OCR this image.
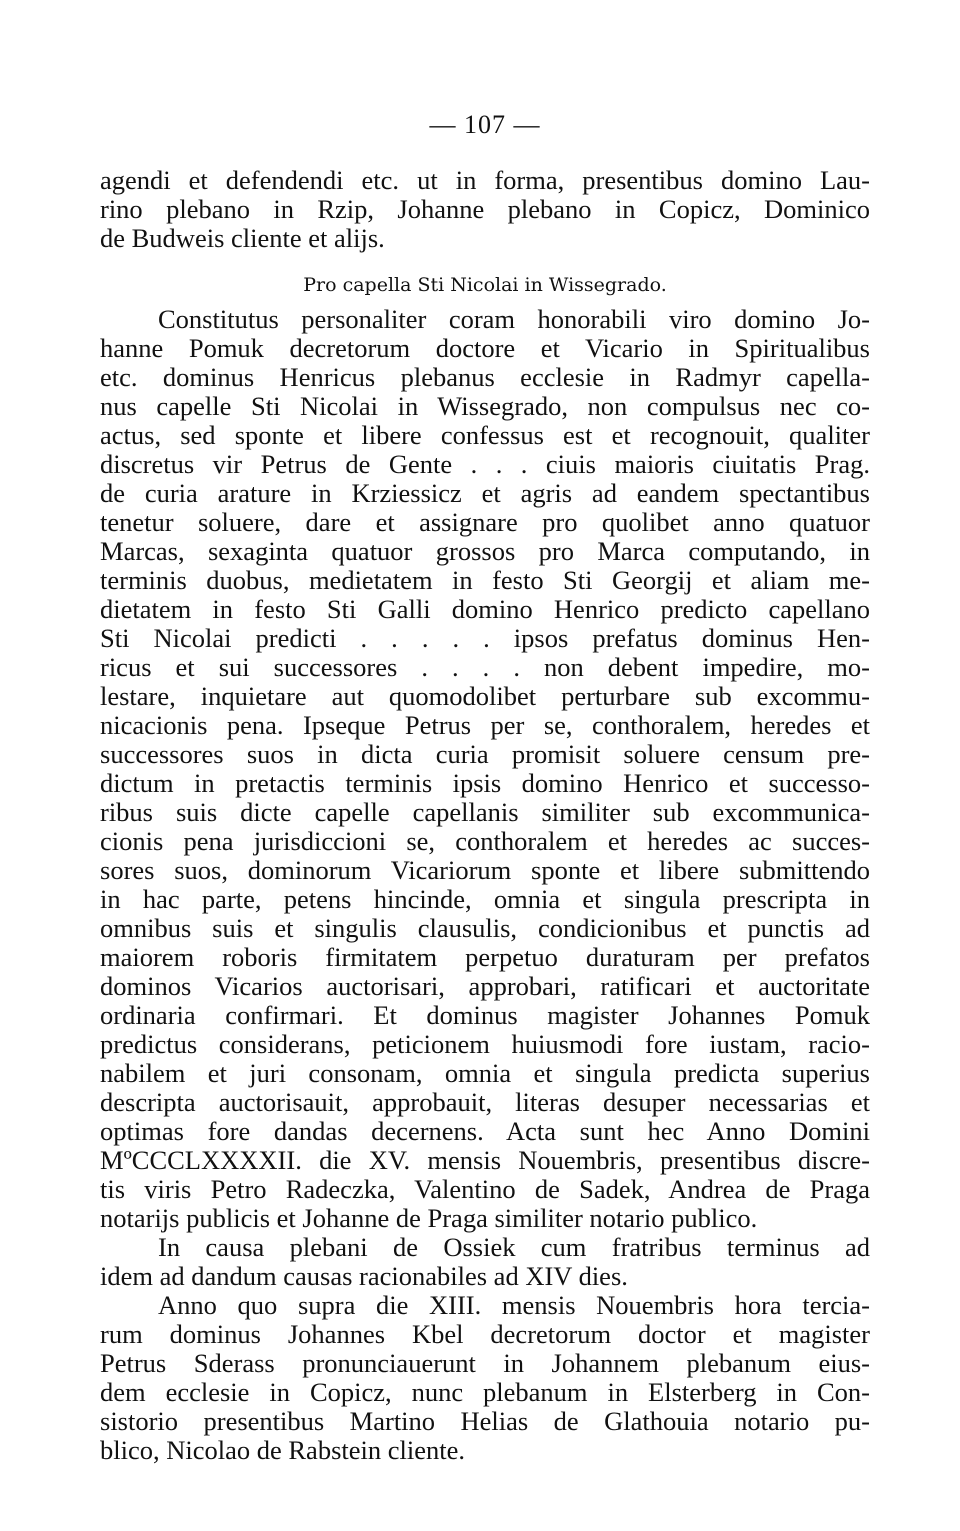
— 107 —
agendi et defendendi etc. ut in forma, presentibus domino Lau-
rino plebano in Rzip, Johanne plebano in Copicz, Dominico
de Budweis cliente et alijs.
Pro capella Sti Nicolai in Wissegrado.
Constitutus personaliter coram honorabili viro domino Jo-
hanne Pomuk decretorum doctore et Vicario in Spiritualibus
etc. dominus Henricus plebanus ecclesie in Radmyr capella-
nus capelle Sti Nicolai in Wissegrado, non compulsus nec co-
actus, sed sponte et libere confessus est et recognouit, qualiter
discretus vir Petrus de Gente . . . ciuis maioris ciuitatis Prag.
de curia arature in Krziessicz et agris ad eandem spectantibus
tenetur soluere, dare et assignare pro quolibet anno quatuor
Marcas, sexaginta quatuor grossos pro Marca computando, in
terminis duobus, medietatem in festo Sti Georgij et aliam me-
dietatem in festo Sti Galli domino Henrico predicto capellano
Sti Nicolai predicti . . . . . ipsos prefatus dominus Hen-
ricus et sui successores . . . . non debent impedire, mo-
lestare, inquietare aut quomodolibet perturbare sub excommu-
nicacionis pena. Ipseque Petrus per se, conthoralem, heredes et
successores suos in dicta curia promisit soluere censum pre-
dictum in pretactis terminis ipsis domino Henrico et successo-
ribus suis dicte capelle capellanis similiter sub excommunica-
cionis pena jurisdiccioni se, conthoralem et heredes ac succes-
sores suos, dominorum Vicariorum sponte et libere submittendo
in hac parte, petens hincinde, omnia et singula prescripta in
omnibus suis et singulis clausulis, condicionibus et punctis ad
maiorem roboris firmitatem perpetuo duraturam per prefatos
dominos Vicarios auctorisari, approbari, ratificari et auctoritate
ordinaria confirmari. Et dominus magister Johannes Pomuk
predictus considerans, peticionem huiusmodi fore iustam, racio-
nabilem et juri consonam, omnia et singula predicta superius
descripta auctorisauit, approbauit, literas desuper necessarias et
optimas fore dandas decernens. Acta sunt hec Anno Domini
MºCCCLXXXXII. die XV. mensis Nouembris, presentibus discre-
tis viris Petro Radeczka, Valentino de Sadek, Andrea de Praga
notarijs publicis et Johanne de Praga similiter notario publico.
In causa plebani de Ossiek cum fratribus terminus ad
idem ad dandum causas racionabiles ad XIV dies.
Anno quo supra die XIII. mensis Nouembris hora tercia-
rum dominus Johannes Kbel decretorum doctor et magister
Petrus Sderass pronunciauerunt in Johannem plebanum eius-
dem ecclesie in Copicz, nunc plebanum in Elsterberg in Con-
sistorio presentibus Martino Helias de Glathouia notario pu-
blico, Nicolao de Rabstein cliente.
